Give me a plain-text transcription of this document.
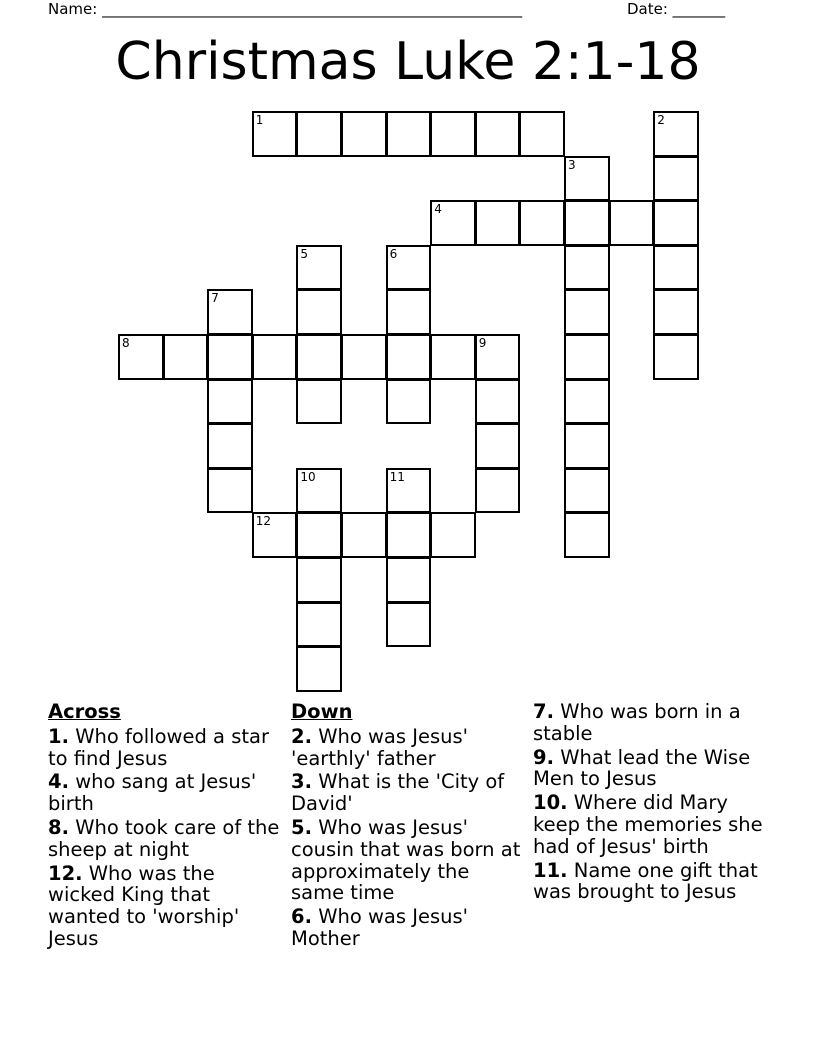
Name: ________________________________________________________	Date: _______
Christmas Luke 2:1-18
1	2
3
4
5	6
7
8	9
10	11
12
Across
1. Who followed a star to find Jesus
4. who sang at Jesus' birth
8. Who took care of the sheep at night
12. Who was the wicked King that wanted to 'worship' Jesus
Down
2. Who was Jesus' 'earthly' father
3. What is the 'City of David'
5. Who was Jesus' cousin that was born at approximately the same time
6. Who was Jesus' Mother
7. Who was born in a stable
9. What lead the Wise Men to Jesus
10. Where did Mary keep the memories she had of Jesus' birth
11. Name one gift that was brought to Jesus
